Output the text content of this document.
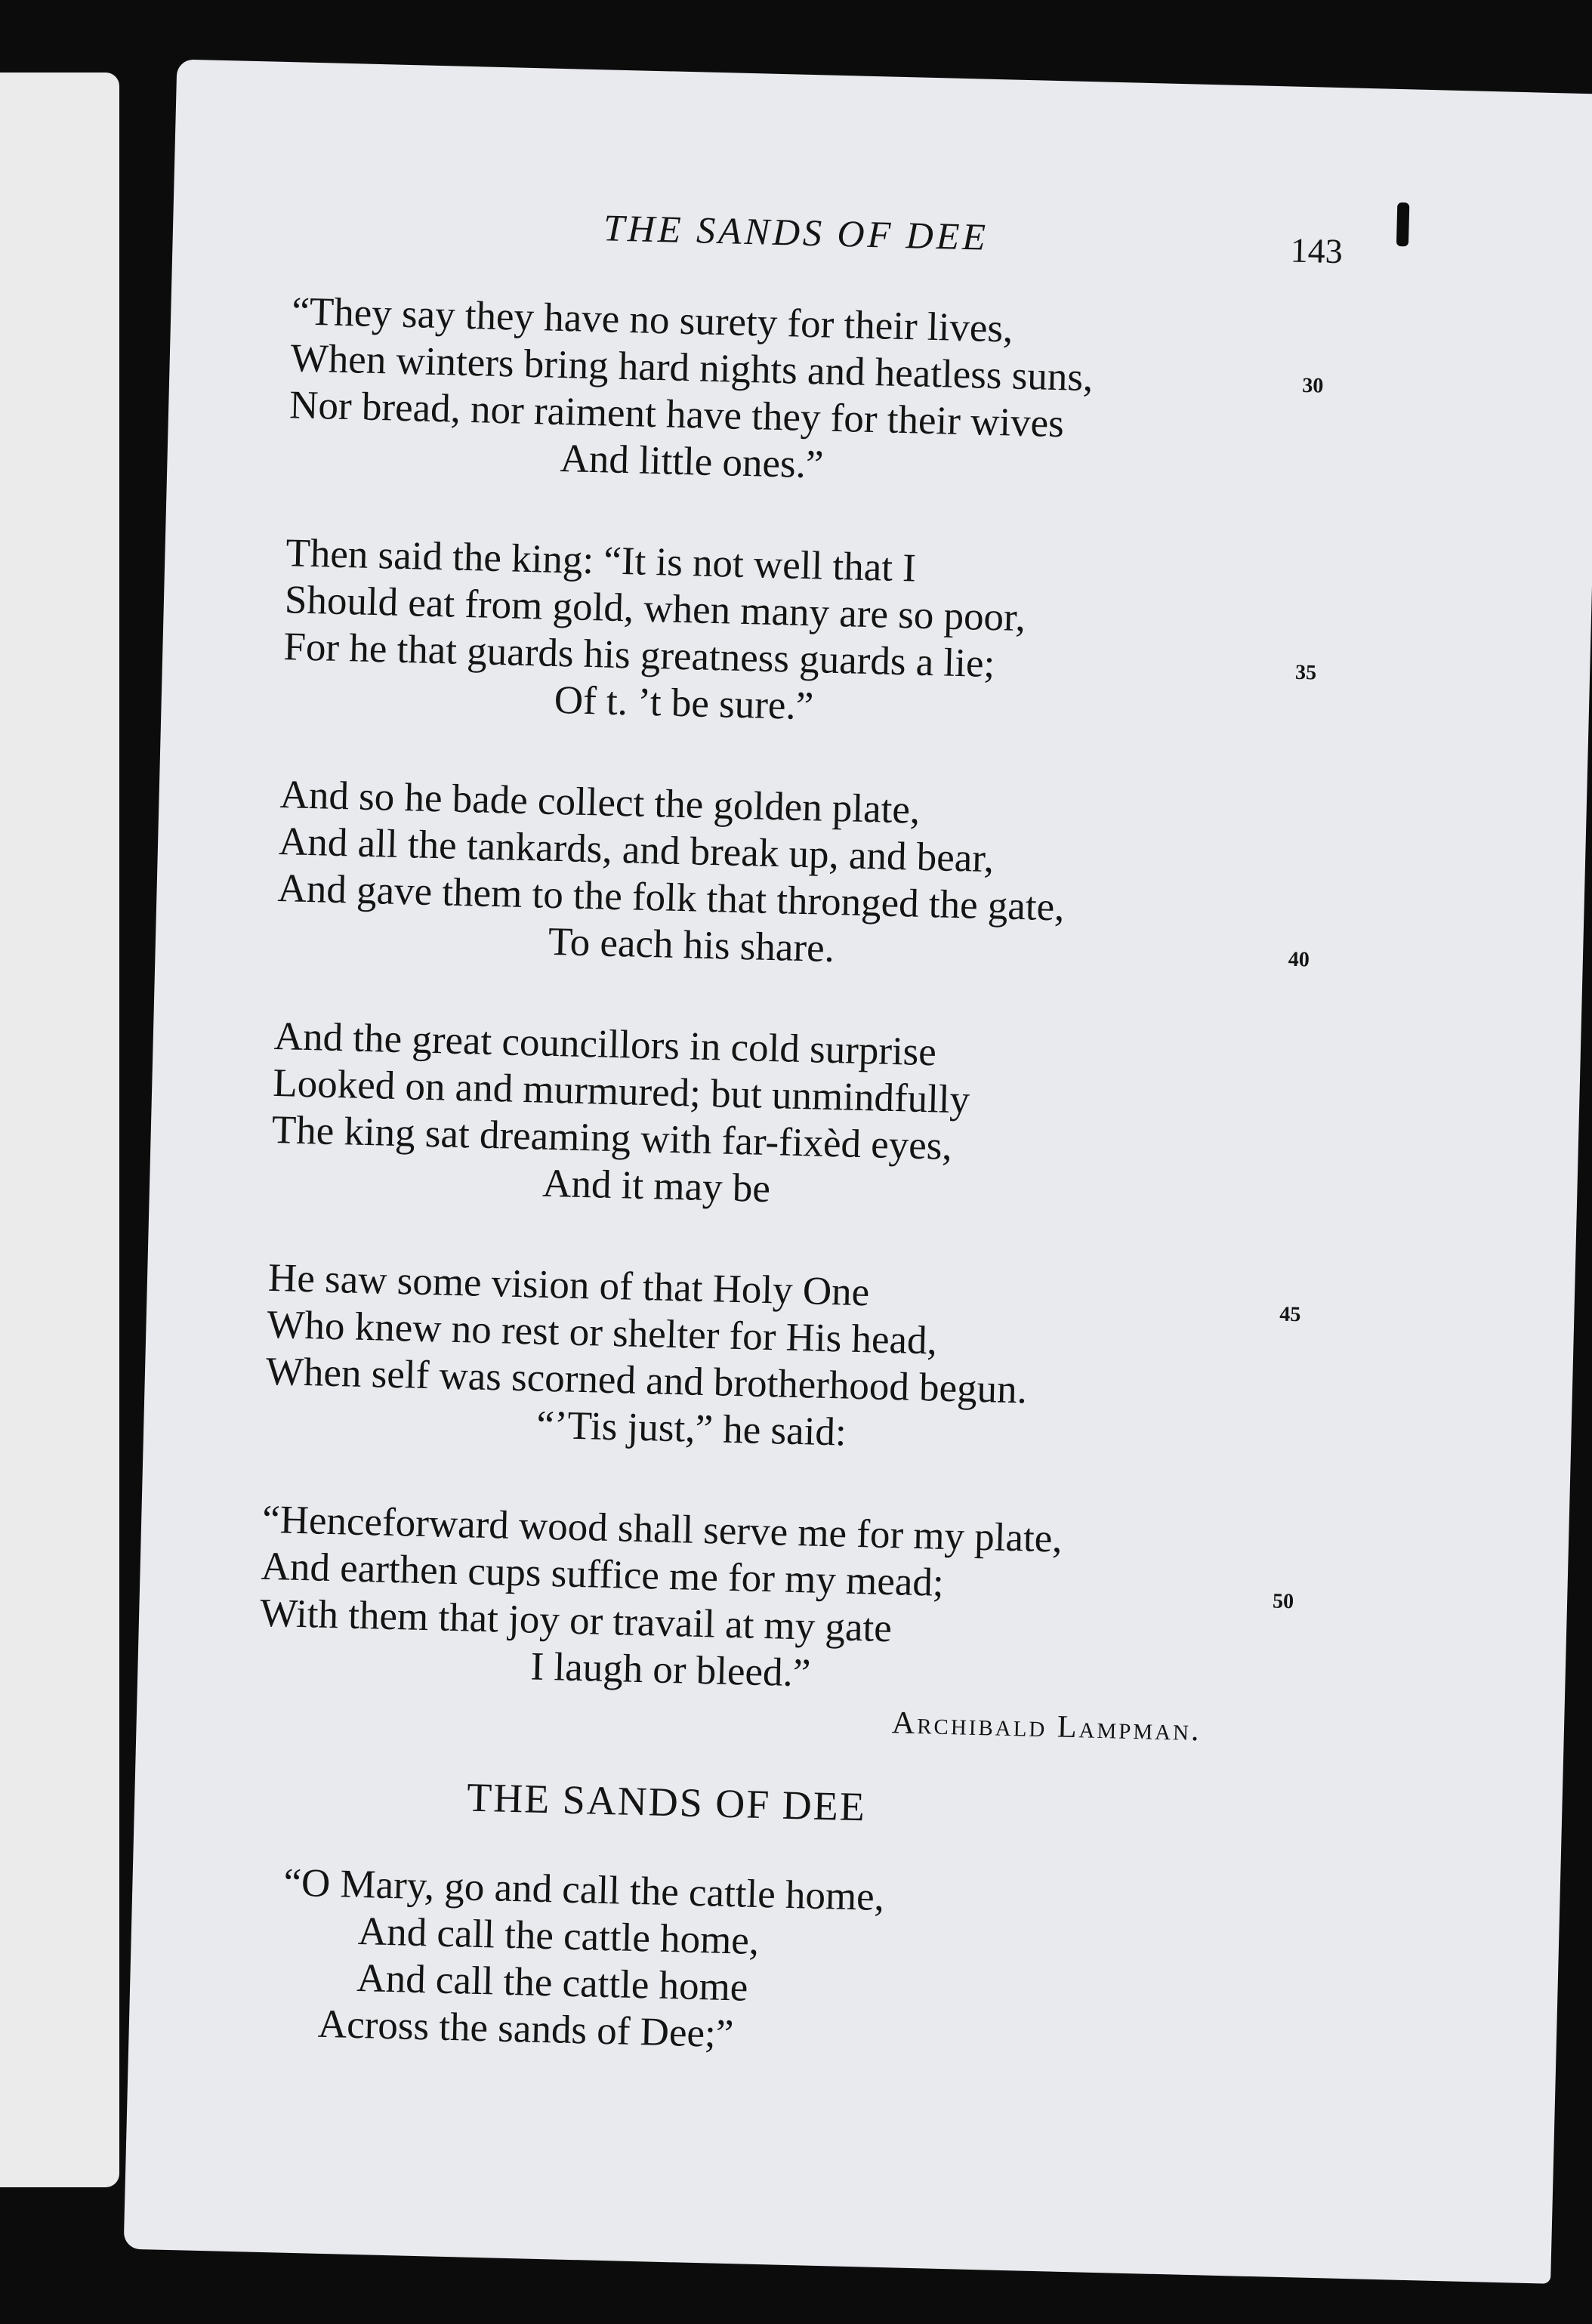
THE SANDS OF DEE	143
“They say they have no surety for their lives,
When winters bring hard nights and heatless suns,
Nor bread, nor raiment have they for their wives
And little ones.”
30
Then said the king: “It is not well that I
Should eat from gold, when many are so poor,
For he that guards his greatness guards a lie;
Of t. ’t be sure.”
35
And so he bade collect the golden plate,
And all the tankards, and break up, and bear,
And gave them to the folk that thronged the gate,
To each his share.	40
And the great councillors in cold surprise
Looked on and murmured; but unmindfully
The king sat dreaming with far-fixèd eyes,
And it may be
He saw some vision of that Holy One
Who knew no rest or shelter for His head,
When self was scorned and brotherhood begun.
“’Tis just,” he said:
45
“Henceforward wood shall serve me for my plate,
And earthen cups suffice me for my mead;
With them that joy or travail at my gate
I laugh or bleed.”
50
Archibald Lampman.
THE SANDS OF DEE
“O Mary, go and call the cattle home,
And call the cattle home,
And call the cattle home
Across the sands of Dee;”
